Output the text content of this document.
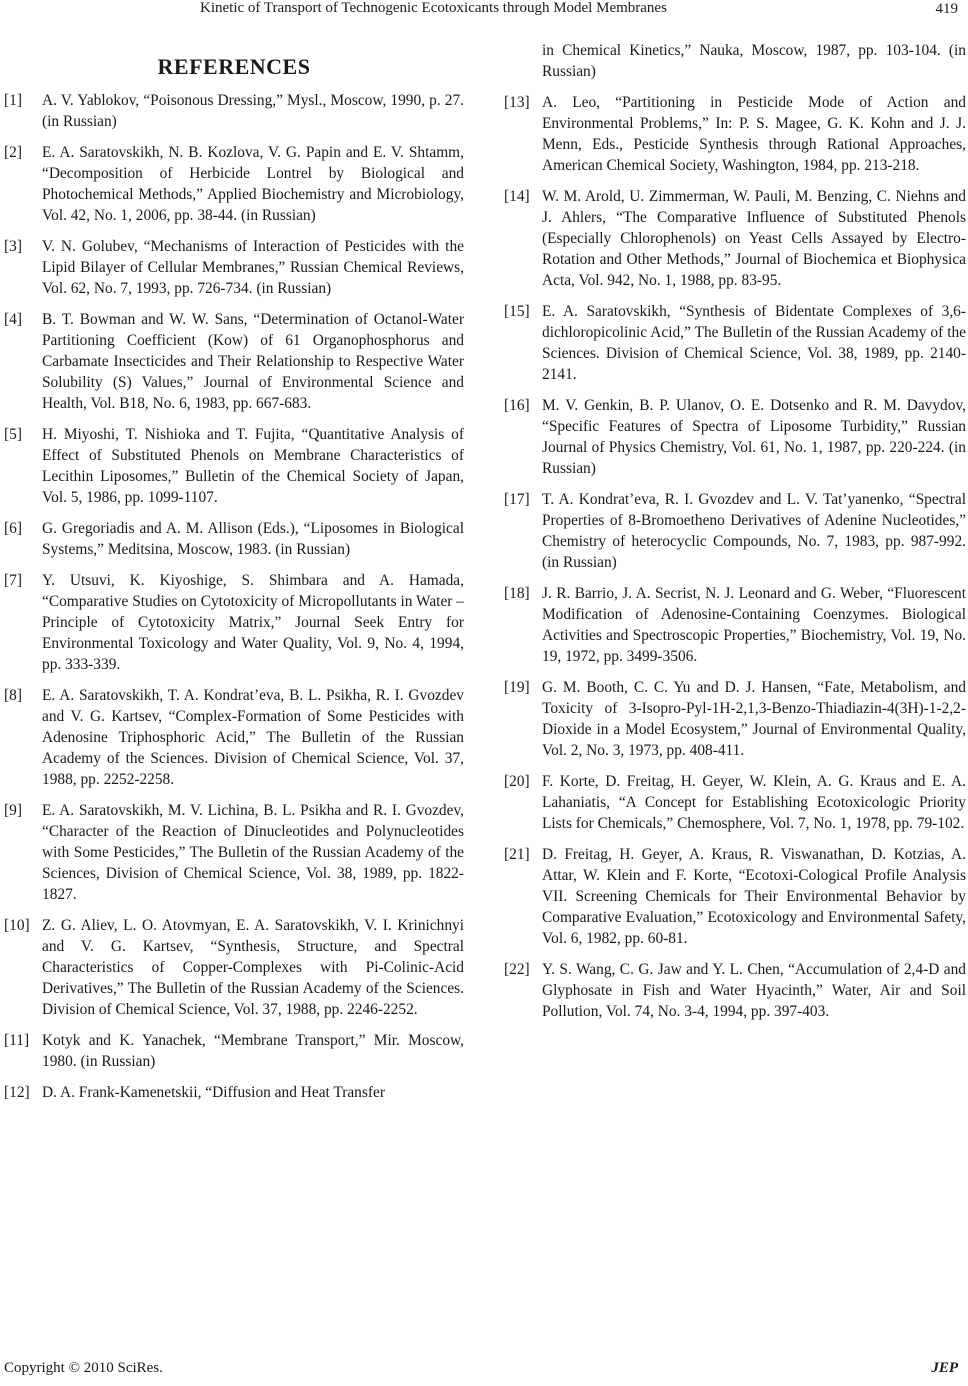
Kinetic of Transport of Technogenic Ecotoxicants through Model Membranes	419
REFERENCES
[1]	A. V. Yablokov, “Poisonous Dressing,” Mysl., Moscow, 1990, p. 27. (in Russian)
[2]	E. A. Saratovskikh, N. B. Kozlova, V. G. Papin and E. V. Shtamm, “Decomposition of Herbicide Lontrel by Biological and Photochemical Methods,” Applied Biochemistry and Microbiology, Vol. 42, No. 1, 2006, pp. 38-44. (in Russian)
[3]	V. N. Golubev, “Mechanisms of Interaction of Pesticides with the Lipid Bilayer of Cellular Membranes,” Russian Chemical Reviews, Vol. 62, No. 7, 1993, pp. 726-734. (in Russian)
[4]	B. T. Bowman and W. W. Sans, “Determination of Octanol-Water Partitioning Coefficient (Kow) of 61 Organophosphorus and Carbamate Insecticides and Their Relationship to Respective Water Solubility (S) Values,” Journal of Environmental Science and Health, Vol. B18, No. 6, 1983, pp. 667-683.
[5]	H. Miyoshi, T. Nishioka and T. Fujita, “Quantitative Analysis of Effect of Substituted Phenols on Membrane Characteristics of Lecithin Liposomes,” Bulletin of the Chemical Society of Japan, Vol. 5, 1986, pp. 1099-1107.
[6]	G. Gregoriadis and A. M. Allison (Eds.), “Liposomes in Biological Systems,” Meditsina, Moscow, 1983. (in Russian)
[7]	Y. Utsuvi, K. Kiyoshige, S. Shimbara and A. Hamada, “Comparative Studies on Cytotoxicity of Micropollutants in Water – Principle of Cytotoxicity Matrix,” Journal Seek Entry for Environmental Toxicology and Water Quality, Vol. 9, No. 4, 1994, pp. 333-339.
[8]	E. A. Saratovskikh, T. A. Kondrat’eva, B. L. Psikha, R. I. Gvozdev and V. G. Kartsev, “Complex-Formation of Some Pesticides with Adenosine Triphosphoric Acid,” The Bulletin of the Russian Academy of the Sciences. Division of Chemical Science, Vol. 37, 1988, pp. 2252-2258.
[9]	E. A. Saratovskikh, M. V. Lichina, B. L. Psikha and R. I. Gvozdev, “Character of the Reaction of Dinucleotides and Polynucleotides with Some Pesticides,” The Bulletin of the Russian Academy of the Sciences, Division of Chemical Science, Vol. 38, 1989, pp. 1822-1827.
[10] Z. G. Aliev, L. O. Atovmyan, E. A. Saratovskikh, V. I. Krinichnyi and V. G. Kartsev, “Synthesis, Structure, and Spectral Characteristics of Copper-Complexes with Pi-Colinic-Acid Derivatives,” The Bulletin of the Russian Academy of the Sciences. Division of Chemical Science, Vol. 37, 1988, pp. 2246-2252.
[11] Kotyk and K. Yanachek, “Membrane Transport,” Mir. Moscow, 1980. (in Russian)
[12] D. A. Frank-Kamenetskii, “Diffusion and Heat Transfer
in Chemical Kinetics,” Nauka, Moscow, 1987, pp. 103-104. (in Russian)
[13] A. Leo, “Partitioning in Pesticide Mode of Action and Environmental Problems,” In: P. S. Magee, G. K. Kohn and J. J. Menn, Eds., Pesticide Synthesis through Rational Approaches, American Chemical Society, Washington, 1984, pp. 213-218.
[14] W. M. Arold, U. Zimmerman, W. Pauli, M. Benzing, C. Niehns and J. Ahlers, “The Comparative Influence of Substituted Phenols (Especially Chlorophenols) on Yeast Cells Assayed by Electro-Rotation and Other Methods,” Journal of Biochemica et Biophysica Acta, Vol. 942, No. 1, 1988, pp. 83-95.
[15] E. A. Saratovskikh, “Synthesis of Bidentate Complexes of 3,6-dichloropicolinic Acid,” The Bulletin of the Russian Academy of the Sciences. Division of Chemical Science, Vol. 38, 1989, pp. 2140-2141.
[16] M. V. Genkin, B. P. Ulanov, O. E. Dotsenko and R. M. Davydov, “Specific Features of Spectra of Liposome Turbidity,” Russian Journal of Physics Chemistry, Vol. 61, No. 1, 1987, pp. 220-224. (in Russian)
[17] T. A. Kondrat’eva, R. I. Gvozdev and L. V. Tat’yanenko, “Spectral Properties of 8-Bromoetheno Derivatives of Adenine Nucleotides,” Chemistry of heterocyclic Compounds, No. 7, 1983, pp. 987-992. (in Russian)
[18] J. R. Barrio, J. A. Secrist, N. J. Leonard and G. Weber, “Fluorescent Modification of Adenosine-Containing Coenzymes. Biological Activities and Spectroscopic Properties,” Biochemistry, Vol. 19, No. 19, 1972, pp. 3499-3506.
[19] G. M. Booth, C. C. Yu and D. J. Hansen, “Fate, Metabolism, and Toxicity of 3-Isopro-Pyl-1H-2,1,3-Benzo-Thiadiazin-4(3H)-1-2,2-Dioxide in a Model Ecosystem,” Journal of Environmental Quality, Vol. 2, No. 3, 1973, pp. 408-411.
[20] F. Korte, D. Freitag, H. Geyer, W. Klein, A. G. Kraus and E. A. Lahaniatis, “A Concept for Establishing Ecotoxicologic Priority Lists for Chemicals,” Chemosphere, Vol. 7, No. 1, 1978, pp. 79-102.
[21] D. Freitag, H. Geyer, A. Kraus, R. Viswanathan, D. Kotzias, A. Attar, W. Klein and F. Korte, “Ecotoxi-Cological Profile Analysis VII. Screening Chemicals for Their Environmental Behavior by Comparative Evaluation,” Ecotoxicology and Environmental Safety, Vol. 6, 1982, pp. 60-81.
[22] Y. S. Wang, C. G. Jaw and Y. L. Chen, “Accumulation of 2,4-D and Glyphosate in Fish and Water Hyacinth,” Water, Air and Soil Pollution, Vol. 74, No. 3-4, 1994, pp. 397-403.
Copyright © 2010 SciRes.	JEP
